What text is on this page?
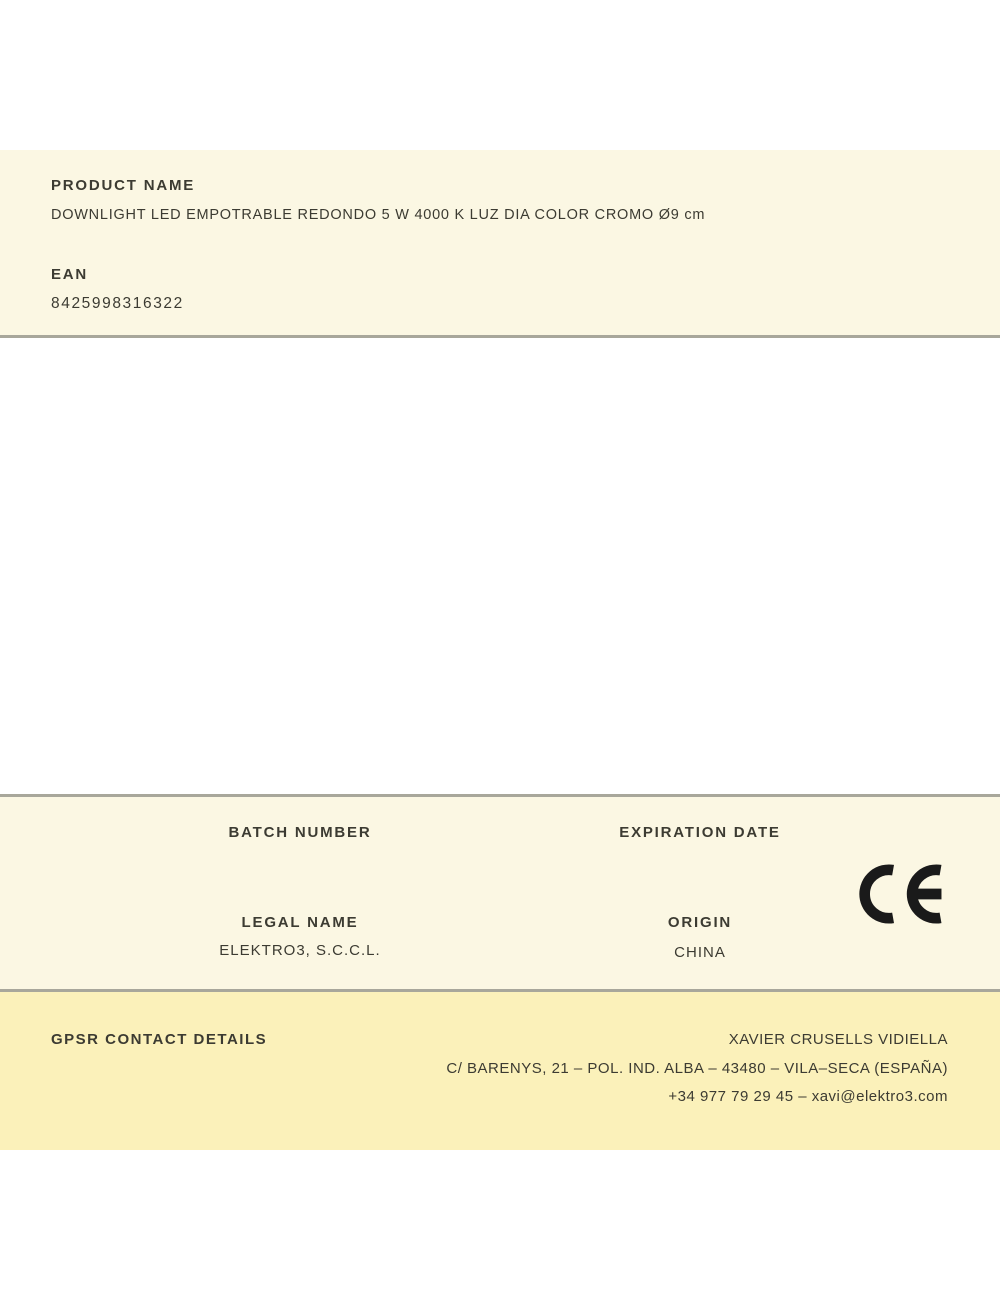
PRODUCT NAME
DOWNLIGHT LED EMPOTRABLE REDONDO 5 W 4000 K LUZ DIA COLOR CROMO Ø9 cm
EAN
8425998316322
BATCH NUMBER	EXPIRATION DATE
LEGAL NAME
ELEKTRO3, S.C.C.L.
ORIGIN
CHINA
GPSR CONTACT DETAILS	XAVIER CRUSELLS VIDIELLA
C/ BARENYS, 21 – POL. IND. ALBA – 43480 – VILA–SECA (ESPAÑA)
+34 977 79 29 45 – xavi@elektro3.com
